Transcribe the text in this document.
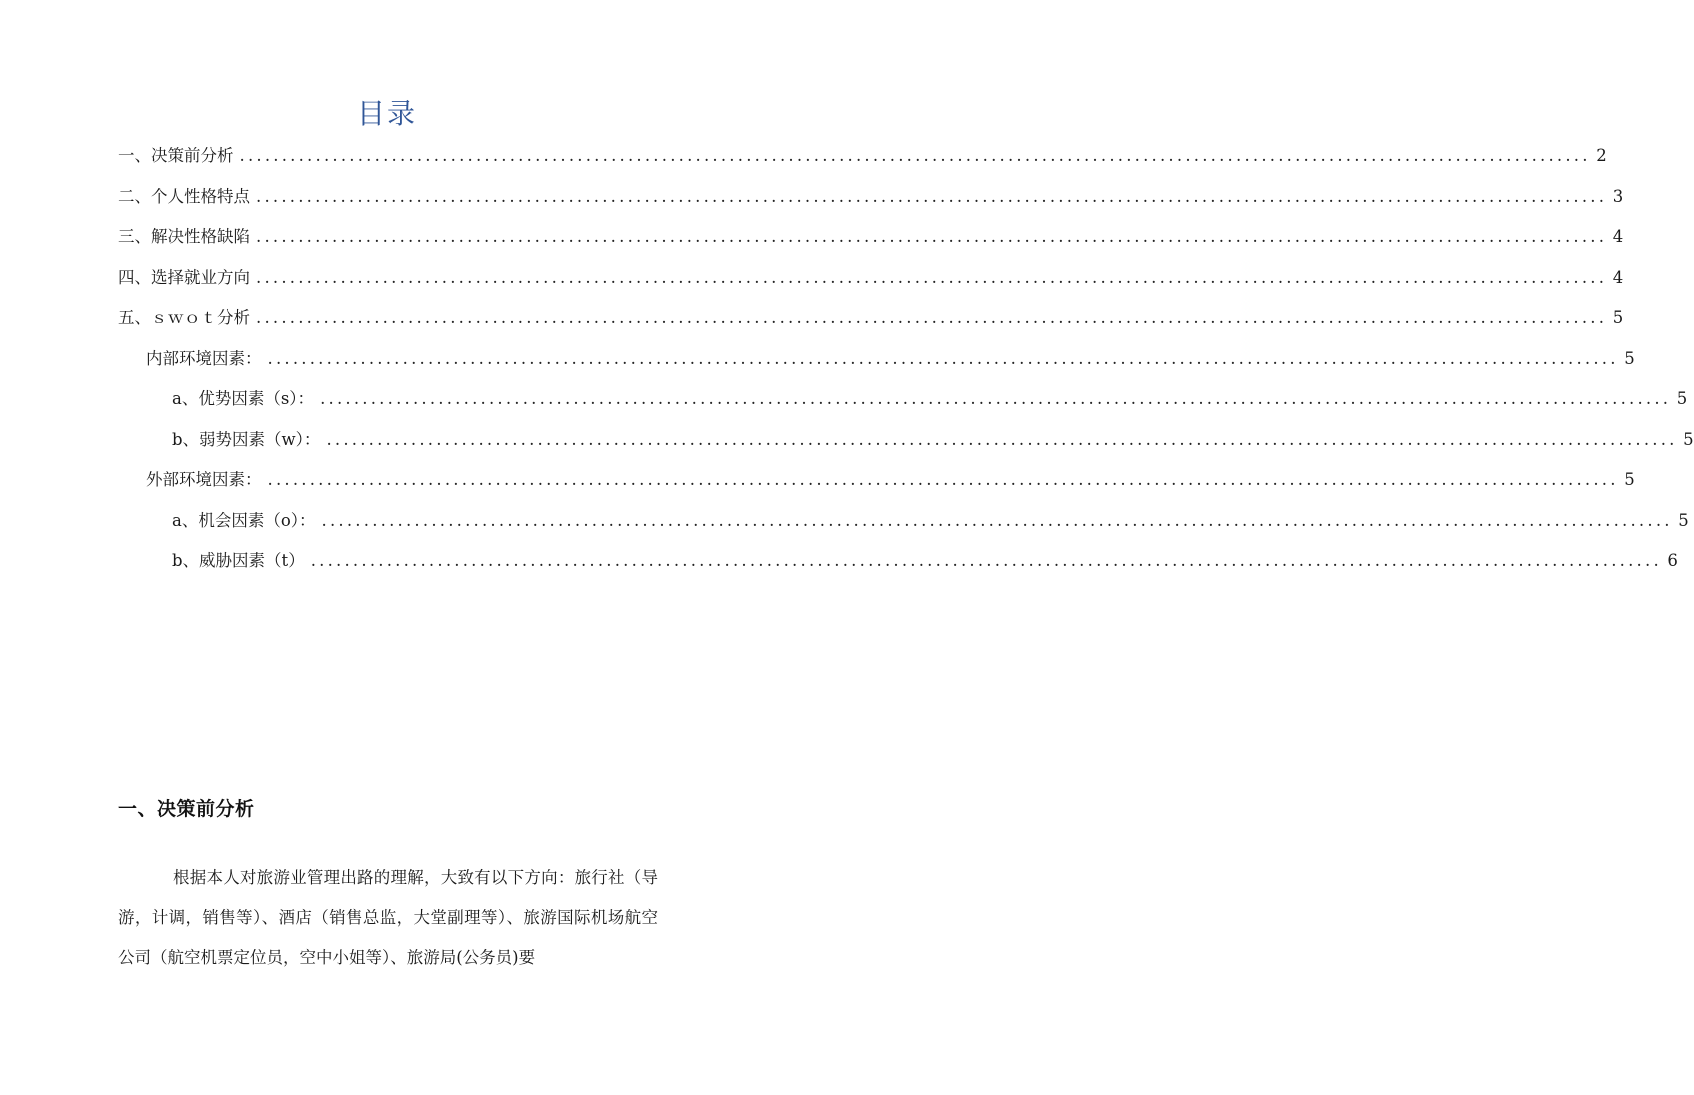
目录
一、决策前分析 ................................................................................................................................................................ 2
二、个人性格特点 ................................................................................................................................................................ 3
三、解决性格缺陷 ................................................................................................................................................................ 4
四、选择就业方向 ................................................................................................................................................................ 4
五、ｓｗｏｔ分析 ................................................................................................................................................................ 5
内部环境因素： ................................................................................................................................................................ 5
a、优势因素（s）： ................................................................................................................................................................ 5
b、弱势因素（w）： ................................................................................................................................................................ 5
外部环境因素： ................................................................................................................................................................ 5
a、机会因素（o）： ................................................................................................................................................................ 5
b、威胁因素（t） ................................................................................................................................................................ 6
一、决策前分析

根据本人对旅游业管理出路的理解，大致有以下方向：旅行社（导游，计调，销售等）、酒店（销售总监，大堂副理等）、旅游国际机场航空公司（航空机票定位员，空中小姐等）、旅游局(公务员)要
